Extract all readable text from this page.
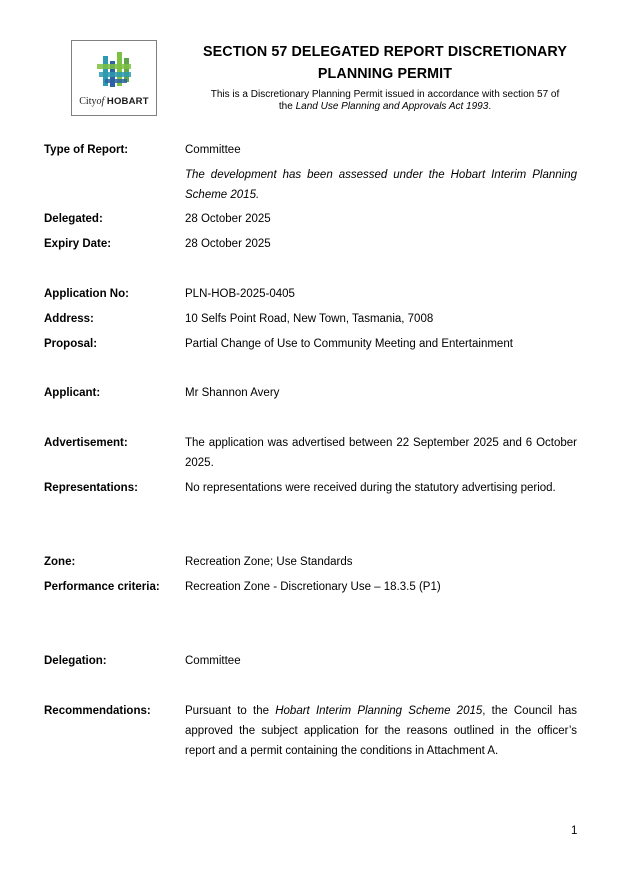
Cityof HOBART
SECTION 57 DELEGATED REPORT DISCRETIONARY
PLANNING PERMIT
This is a Discretionary Planning Permit issued in accordance with section 57 of
the Land Use Planning and Approvals Act 1993.
Type of Report:	Committee
The development has been assessed under the Hobart Interim Planning Scheme 2015.
Delegated:	28 October 2025
Expiry Date:	28 October 2025
Application No:	PLN-HOB-2025-0405
Address:	10 Selfs Point Road, New Town, Tasmania, 7008
Proposal:	Partial Change of Use to Community Meeting and Entertainment
Applicant:	Mr Shannon Avery
Advertisement:	The application was advertised between 22 September 2025 and 6 October 2025.
Representations:	No representations were received during the statutory advertising period.
Zone:	Recreation Zone; Use Standards
Performance criteria: Recreation Zone - Discretionary Use – 18.3.5 (P1)
Delegation:	Committee
Recommendations:	Pursuant to the Hobart Interim Planning Scheme 2015, the Council has approved the subject application for the reasons outlined in the officer’s report and a permit containing the conditions in Attachment A.
1
